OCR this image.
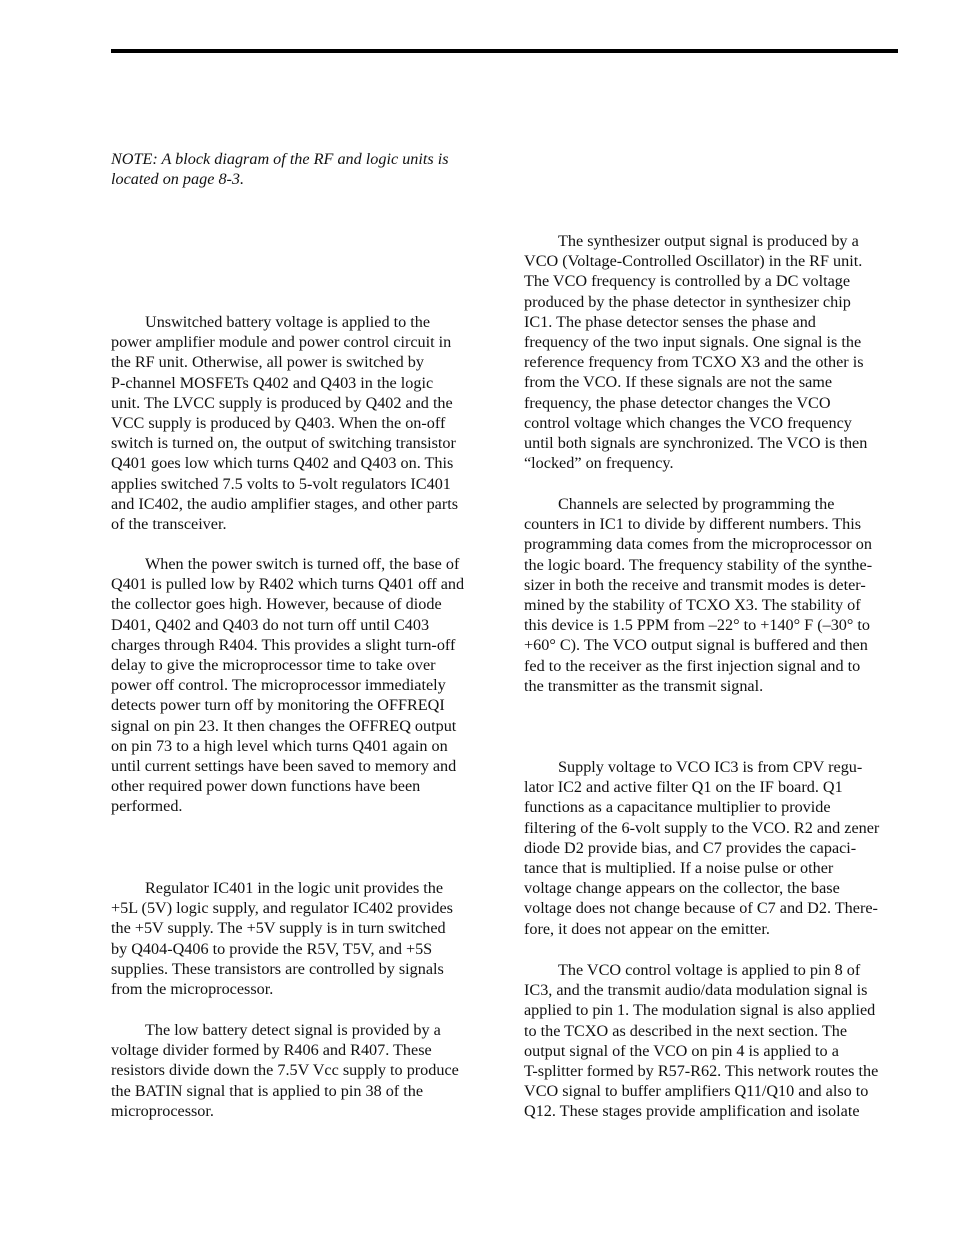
NOTE: A block diagram of the RF and logic units is
located on page 8-3.
Unswitched battery voltage is applied to the
power amplifier module and power control circuit in
the RF unit. Otherwise, all power is switched by
P-channel MOSFETs Q402 and Q403 in the logic
unit. The LVCC supply is produced by Q402 and the
VCC supply is produced by Q403. When the on-off
switch is turned on, the output of switching transistor
Q401 goes low which turns Q402 and Q403 on. This
applies switched 7.5 volts to 5-volt regulators IC401
and IC402, the audio amplifier stages, and other parts
of the transceiver.
When the power switch is turned off, the base of
Q401 is pulled low by R402 which turns Q401 off and
the collector goes high. However, because of diode
D401, Q402 and Q403 do not turn off until C403
charges through R404. This provides a slight turn-off
delay to give the microprocessor time to take over
power off control. The microprocessor immediately
detects power turn off by monitoring the OFFREQI
signal on pin 23. It then changes the OFFREQ output
on pin 73 to a high level which turns Q401 again on
until current settings have been saved to memory and
other required power down functions have been
performed.
Regulator IC401 in the logic unit provides the
+5L (5V) logic supply, and regulator IC402 provides
the +5V supply. The +5V supply is in turn switched
by Q404-Q406 to provide the R5V, T5V, and +5S
supplies. These transistors are controlled by signals
from the microprocessor.
The low battery detect signal is provided by a
voltage divider formed by R406 and R407. These
resistors divide down the 7.5V Vcc supply to produce
the BATIN signal that is applied to pin 38 of the
microprocessor.
The synthesizer output signal is produced by a
VCO (Voltage-Controlled Oscillator) in the RF unit.
The VCO frequency is controlled by a DC voltage
produced by the phase detector in synthesizer chip
IC1. The phase detector senses the phase and
frequency of the two input signals. One signal is the
reference frequency from TCXO X3 and the other is
from the VCO. If these signals are not the same
frequency, the phase detector changes the VCO
control voltage which changes the VCO frequency
until both signals are synchronized. The VCO is then
“locked” on frequency.
Channels are selected by programming the
counters in IC1 to divide by different numbers. This
programming data comes from the microprocessor on
the logic board. The frequency stability of the synthe-
sizer in both the receive and transmit modes is deter-
mined by the stability of TCXO X3. The stability of
this device is 1.5 PPM from –22° to +140° F (–30° to
+60° C). The VCO output signal is buffered and then
fed to the receiver as the first injection signal and to
the transmitter as the transmit signal.
Supply voltage to VCO IC3 is from CPV regu-
lator IC2 and active filter Q1 on the IF board. Q1
functions as a capacitance multiplier to provide
filtering of the 6-volt supply to the VCO. R2 and zener
diode D2 provide bias, and C7 provides the capaci-
tance that is multiplied. If a noise pulse or other
voltage change appears on the collector, the base
voltage does not change because of C7 and D2. There-
fore, it does not appear on the emitter.
The VCO control voltage is applied to pin 8 of
IC3, and the transmit audio/data modulation signal is
applied to pin 1. The modulation signal is also applied
to the TCXO as described in the next section. The
output signal of the VCO on pin 4 is applied to a
T-splitter formed by R57-R62. This network routes the
VCO signal to buffer amplifiers Q11/Q10 and also to
Q12. These stages provide amplification and isolate
